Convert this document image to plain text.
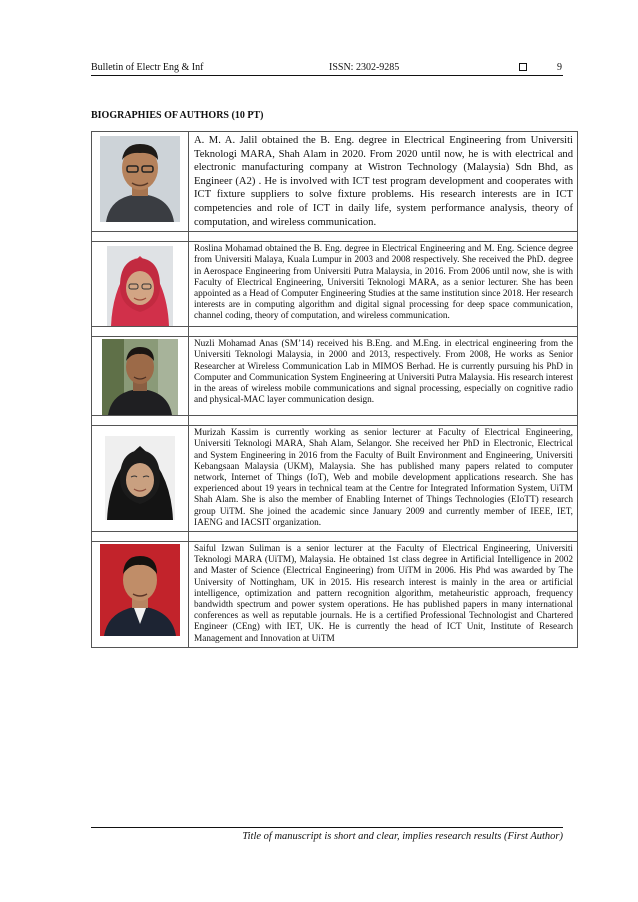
Bulletin of Electr Eng & Inf	ISSN: 2302-9285	9
BIOGRAPHIES OF AUTHORS (10 PT)

A. M. A. Jalil obtained the B. Eng. degree in Electrical Engineering from Universiti Teknologi MARA, Shah Alam in 2020. From 2020 until now, he is with electrical and electronic manufacturing company at Wistron Technology (Malaysia) Sdn Bhd, as Engineer (A2) . He is involved with ICT test program development and cooperates with ICT fixture suppliers to solve fixture problems. His research interests are in ICT competencies and role of ICT in daily life, system performance analysis, theory of computation, and wireless communication.

Roslina Mohamad obtained the B. Eng. degree in Electrical Engineering and M. Eng. Science degree from Universiti Malaya, Kuala Lumpur in 2003 and 2008 respectively. She received the PhD. degree in Aerospace Engineering from Universiti Putra Malaysia, in 2016. From 2006 until now, she is with Faculty of Electrical Engineering, Universiti Teknologi MARA, as a senior lecturer. She has been appointed as a Head of Computer Engineering Studies at the same institution since 2018. Her research interests are in computing algorithm and digital signal processing for deep space communication, channel coding, theory of computation, and wireless communication.

Nuzli Mohamad Anas (SM’14) received his B.Eng. and M.Eng. in electrical engineering from the Universiti Teknologi Malaysia, in 2000 and 2013, respectively. From 2008, He works as Senior Researcher at Wireless Communication Lab in MIMOS Berhad. He is currently pursuing his PhD in Computer and Communication System Engineering at Universiti Putra Malaysia. His research interest in the areas of wireless mobile communications and signal processing, especially on cognitive radio and physical-MAC layer communication design.

Murizah Kassim is currently working as senior lecturer at Faculty of Electrical Engineering, Universiti Teknologi MARA, Shah Alam, Selangor. She received her PhD in Electronic, Electrical and System Engineering in 2016 from the Faculty of Built Environment and Engineering, Universiti Kebangsaan Malaysia (UKM), Malaysia. She has published many papers related to computer network, Internet of Things (IoT), Web and mobile development applications research. She has experienced about 19 years in technical team at the Centre for Integrated Information System, UiTM Shah Alam. She is also the member of Enabling Internet of Things Technologies (EIoTT) research group UiTM. She joined the academic since January 2009 and currently member of IEEE, IET, IAENG and IACSIT organization.

Saiful Izwan Suliman is a senior lecturer at the Faculty of Electrical Engineering, Universiti Teknologi MARA (UiTM), Malaysia. He obtained 1st class degree in Artificial Intelligence in 2002 and Master of Science (Electrical Engineering) from UiTM in 2006. His Phd was awarded by The University of Nottingham, UK in 2015. His research interest is mainly in the area or artificial intelligence, optimization and pattern recognition algorithm, metaheuristic approach, frequency bandwidth spectrum and power system operations. He has published papers in many international conferences as well as reputable journals. He is a certified Professional Technologist and Chartered Engineer (CEng) with IET, UK. He is currently the head of ICT Unit, Institute of Research Management and Innovation at UiTM
Title of manuscript is short and clear, implies research results (First Author)
